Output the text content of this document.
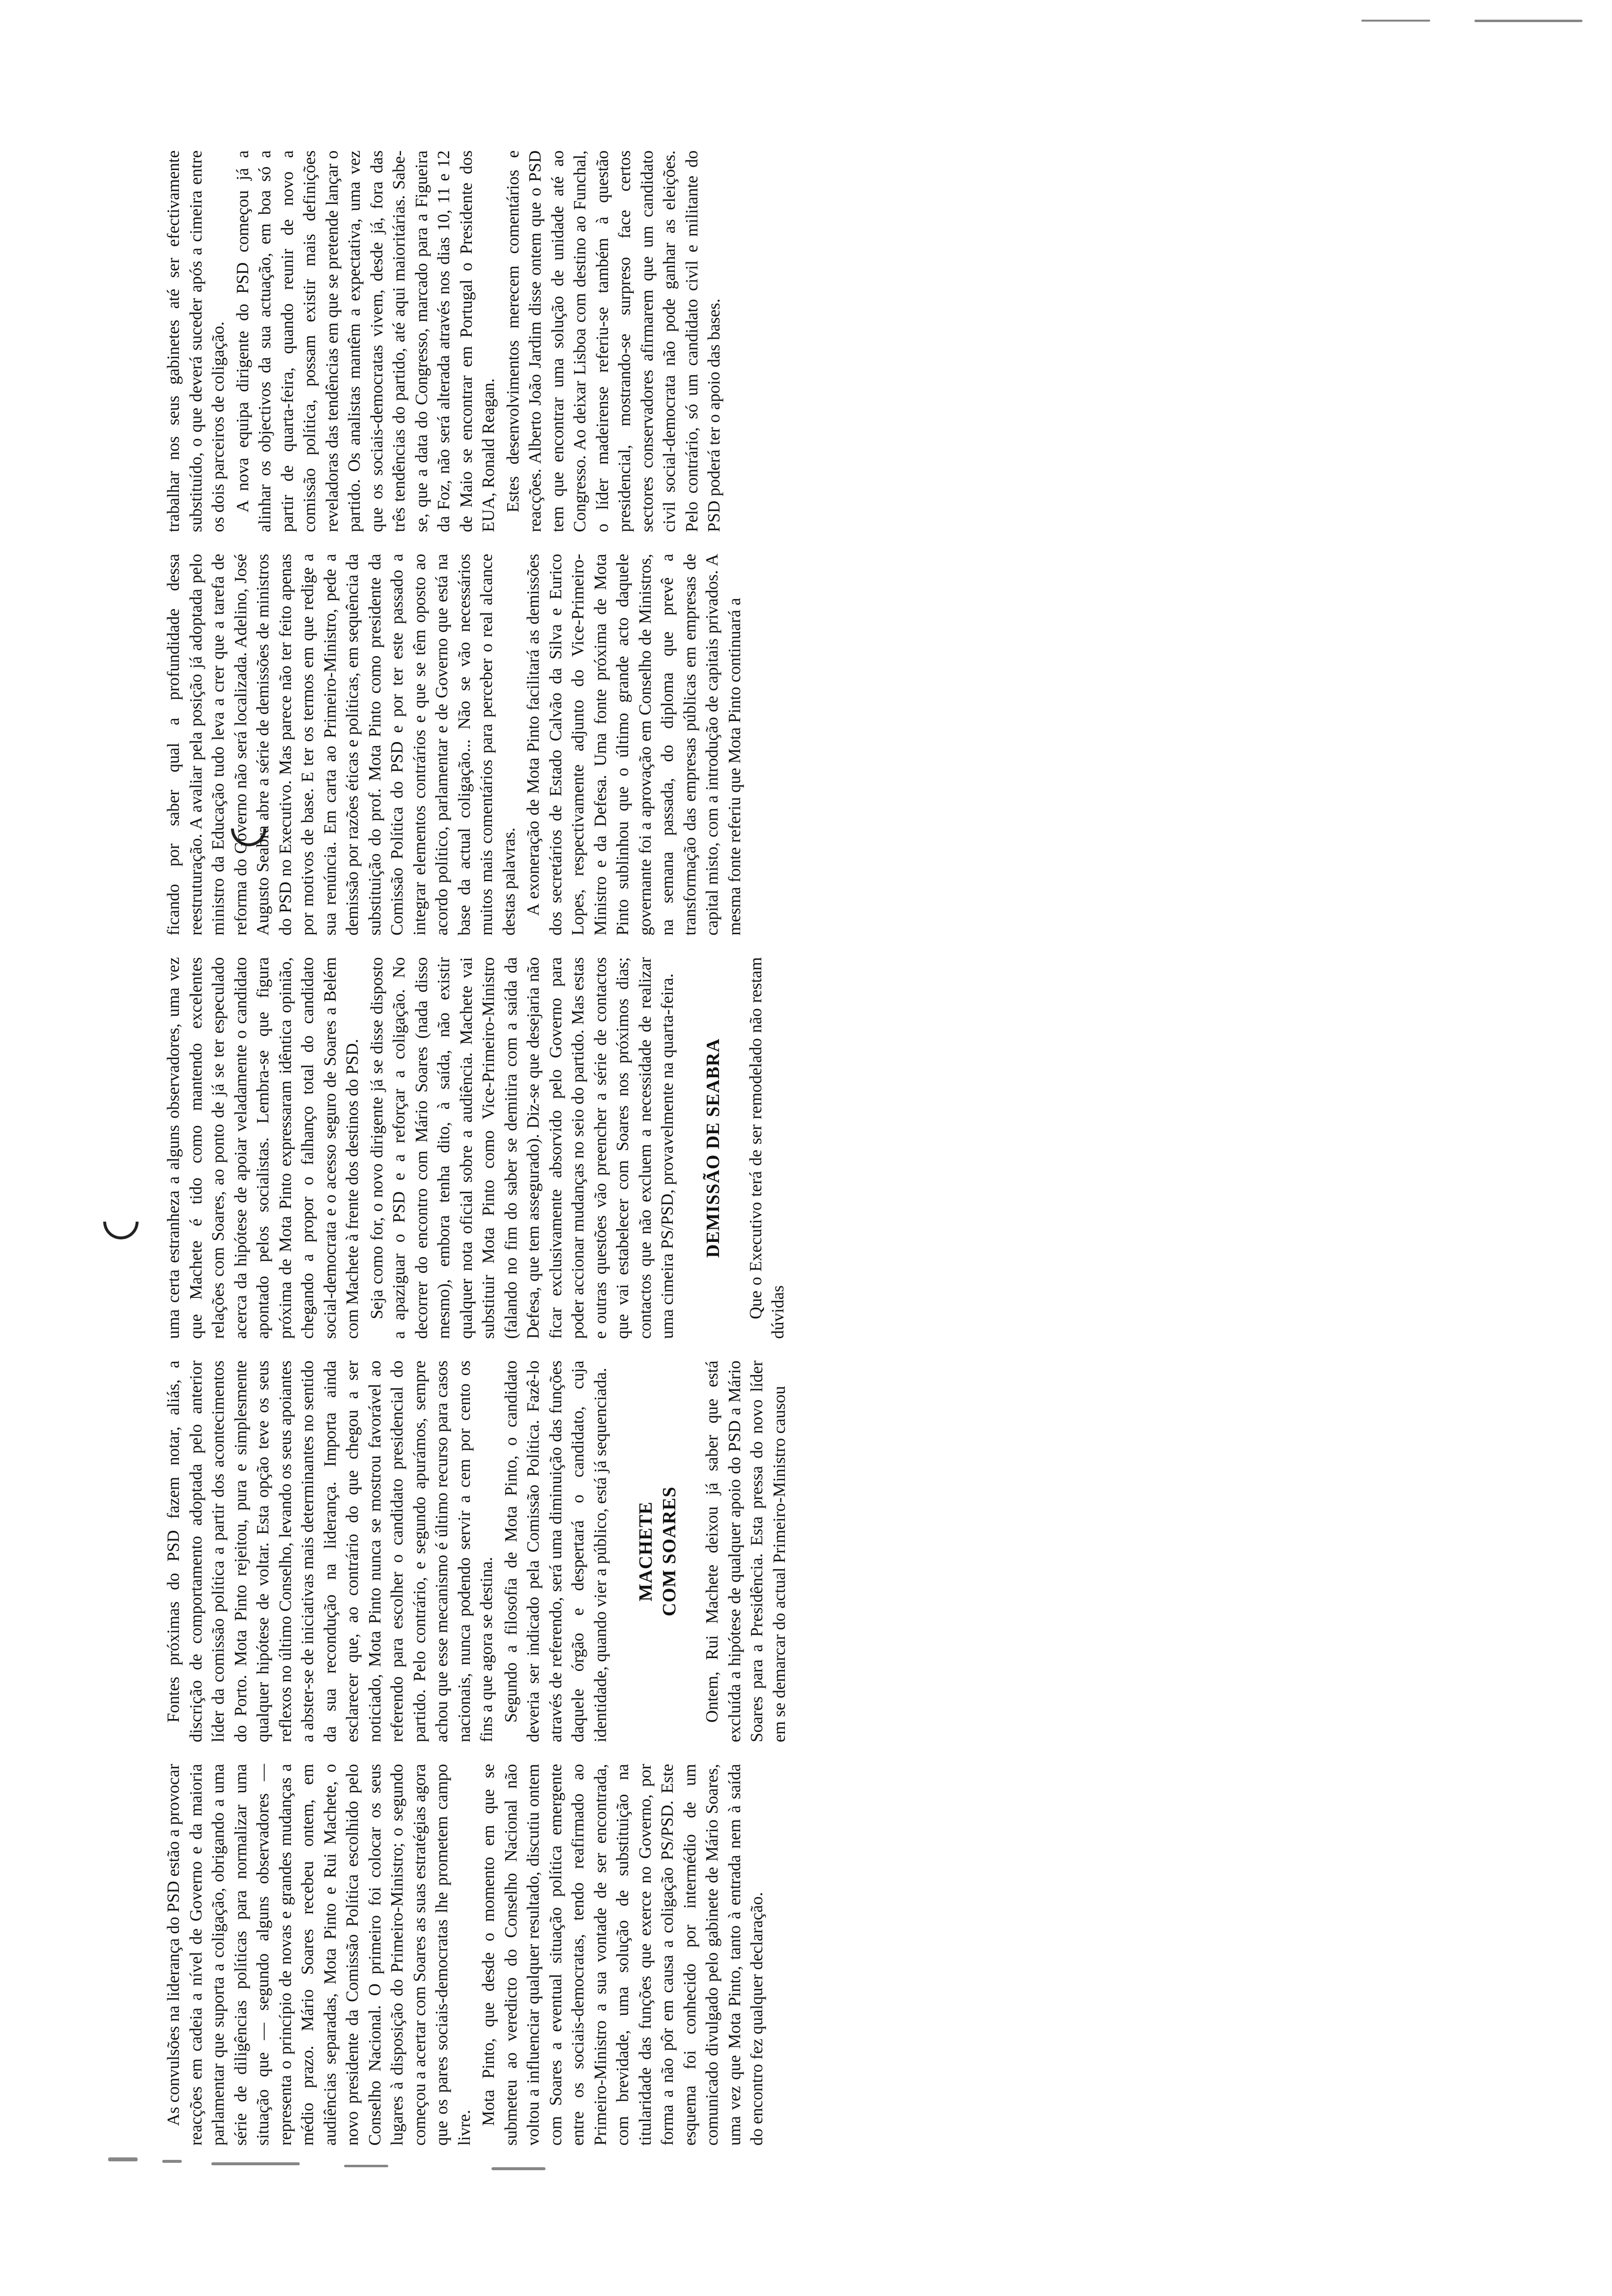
As convulsões na liderança do PSD estão a provocar reacções em cadeia a nível de Governo e da maioria parlamentar que suporta a coligação, obrigando a uma série de diligências políticas para normalizar uma situação que — segundo alguns observadores — representa o princípio de novas e grandes mudanças a médio prazo. Mário Soares recebeu ontem, em audiências separadas, Mota Pinto e Rui Machete, o novo presidente da Comissão Política escolhido pelo Conselho Nacional. O primeiro foi colocar os seus lugares à disposição do Primeiro-Ministro; o segundo começou a acertar com Soares as suas estratégias agora que os pares sociais-democratas lhe prometem campo livre.

Mota Pinto, que desde o momento em que se submeteu ao veredicto do Conselho Nacional não voltou a influenciar qualquer resultado, discutiu ontem com Soares a eventual situação política emergente entre os sociais-democratas, tendo reafirmado ao Primeiro-Ministro a sua vontade de ser encontrada, com brevidade, uma solução de substituição na titularidade das funções que exerce no Governo, por forma a não pôr em causa a coligação PS/PSD. Este esquema foi conhecido por intermédio de um comunicado divulgado pelo gabinete de Mário Soares, uma vez que Mota Pinto, tanto à entrada nem à saída do encontro fez qualquer declaração.

Fontes próximas do PSD fazem notar, aliás, a discrição de comportamento adoptada pelo anterior líder da comissão política a partir dos acontecimentos do Porto. Mota Pinto rejeitou, pura e simplesmente qualquer hipótese de voltar. Esta opção teve os seus reflexos no último Conselho, levando os seus apoiantes a abster-se de iniciativas mais determinantes no sentido da sua recondução na liderança. Importa ainda esclarecer que, ao contrário do que chegou a ser noticiado, Mota Pinto nunca se mostrou favorável ao referendo para escolher o candidato presidencial do partido. Pelo contrário, e segundo apurámos, sempre achou que esse mecanismo é último recurso para casos nacionais, nunca podendo servir a cem por cento os fins a que agora se destina. Segundo a filosofia de Mota Pinto, o candidato deveria ser indicado pela Comissão Política. Fazê-lo através de referendo, será uma diminuição das funções daquele órgão e despertará o candidato, cuja identidade, quando vier a público, está já sequenciada. MACHETE COM SOARES Ontem, Rui Machete deixou já saber que está excluída a hipótese de qualquer apoio do PSD a Mário Soares para a Presidência. Esta pressa do novo líder em se demarcar do actual Primeiro-Ministro causou

uma certa estranheza a alguns observadores, uma vez que Machete é tido como mantendo excelentes relações com Soares, ao ponto de já se ter especulado acerca da hipótese de apoiar veladamente o candidato apontado pelos socialistas. Lembra-se que figura próxima de Mota Pinto expressaram idêntica opinião, chegando a propor o falhanço total do candidato social-democrata e o acesso seguro de Soares a Belém com Machete à frente dos destinos do PSD. Seja como for, o novo dirigente já se disse disposto a apaziguar o PSD e a reforçar a coligação. No decorrer do encontro com Mário Soares (nada disso mesmo), embora tenha dito, à saída, não existir qualquer nota oficial sobre a audiência. Machete vai substituir Mota Pinto como Vice-Primeiro-Ministro (falando no fim do saber se demitira com a saída da Defesa, que tem assegurado). Diz-se que desejaria não ficar exclusivamente absorvido pelo Governo para poder accionar mudanças no seio do partido. Mas estas e outras questões vão preencher a série de contactos que vai estabelecer com Soares nos próximos dias; contactos que não excluem a necessidade de realizar uma cimeira PS/PSD, provavelmente na quarta-feira. DEMISSÃO DE SEABRA Que o Executivo terá de ser remodelado não restam dúvidas

ficando por saber qual a profundidade dessa reestruturação. A avaliar pela posição já adoptada pelo ministro da Educação tudo leva a crer que a tarefa de reforma do Governo não será localizada. Adelino, José Augusto Seabra abre a série de demissões de ministros do PSD no Executivo. Mas parece não ter feito apenas por motivos de base. E ter os termos em que redige a sua renúncia. Em carta ao Primeiro-Ministro, pede a demissão por razões éticas e políticas, em sequência da substituição do prof. Mota Pinto como presidente da Comissão Política do PSD e por ter este passado a integrar elementos contrários e que se têm oposto ao acordo político, parlamentar e de Governo que está na base da actual coligação... Não se vão necessários muitos mais comentários para perceber o real alcance destas palavras. A exoneração de Mota Pinto facilitará as demissões dos secretários de Estado Calvão da Silva e Eurico Lopes, respectivamente adjunto do Vice-Primeiro-Ministro e da Defesa. Uma fonte próxima de Mota Pinto sublinhou que o último grande acto daquele governante foi a aprovação em Conselho de Ministros, na semana passada, do diploma que prevê a transformação das empresas públicas em empresas de capital misto, com a introdução de capitais privados. A mesma fonte referiu que Mota Pinto continuará a

trabalhar nos seus gabinetes até ser efectivamente substituído, o que deverá suceder após a cimeira entre os dois parceiros de coligação. A nova equipa dirigente do PSD começou já a alinhar os objectivos da sua actuação, em boa só a partir de quarta-feira, quando reunir de novo a comissão política, possam existir mais definições reveladoras das tendências em que se pretende lançar o partido. Os analistas mantêm a expectativa, uma vez que os sociais-democratas vivem, desde já, fora das três tendências do partido, até aqui maioritárias. Sabe-se, que a data do Congresso, marcado para a Figueira da Foz, não será alterada através nos dias 10, 11 e 12 de Maio se encontrar em Portugal o Presidente dos EUA, Ronald Reagan. Estes desenvolvimentos merecem comentários e reacções. Alberto João Jardim disse ontem que o PSD tem que encontrar uma solução de unidade até ao Congresso. Ao deixar Lisboa com destino ao Funchal, o líder madeirense referiu-se também à questão presidencial, mostrando-se surpreso face certos sectores conservadores afirmarem que um candidato civil social-democrata não pode ganhar as eleições. Pelo contrário, só um candidato civil e militante do PSD poderá ter o apoio das bases.
